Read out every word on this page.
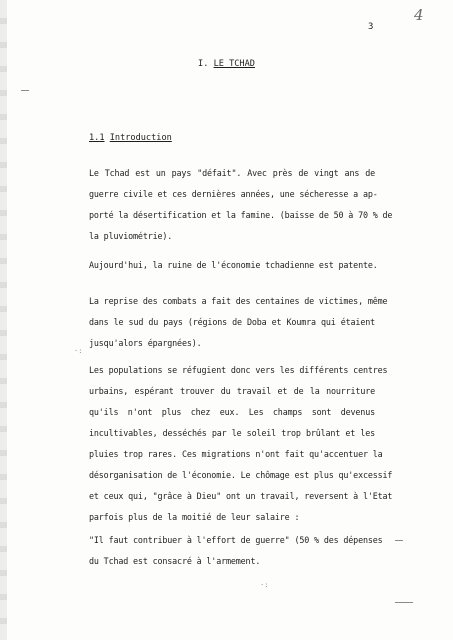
3
4
I. LE TCHAD
1.1 Introduction
Le Tchad est un pays "défait". Avec près de vingt ans de
guerre civile et ces dernières années, une sécheresse a ap-
porté la désertification et la famine. (baisse de 50 à 70 % de
la pluviométrie).
Aujourd'hui, la ruine de l'économie tchadienne est patente.
La reprise des combats a fait des centaines de victimes, même
dans le sud du pays (régions de Doba et Koumra qui étaient
jusqu'alors épargnées).
Les populations se réfugient donc vers les différents centres
urbains, espérant trouver du travail et de la nourriture
qu'ils n'ont plus chez eux. Les champs sont devenus
incultivables, desséchés par le soleil trop brûlant et les
pluies trop rares. Ces migrations n'ont fait qu'accentuer la
désorganisation de l'économie. Le chômage est plus qu'excessif
et ceux qui, "grâce à Dieu" ont un travail, reversent à l'Etat
parfois plus de la moitié de leur salaire :
"Il faut contribuer à l'effort de guerre" (50 % des dépenses
du Tchad est consacré à l'armement.
·:
·:
